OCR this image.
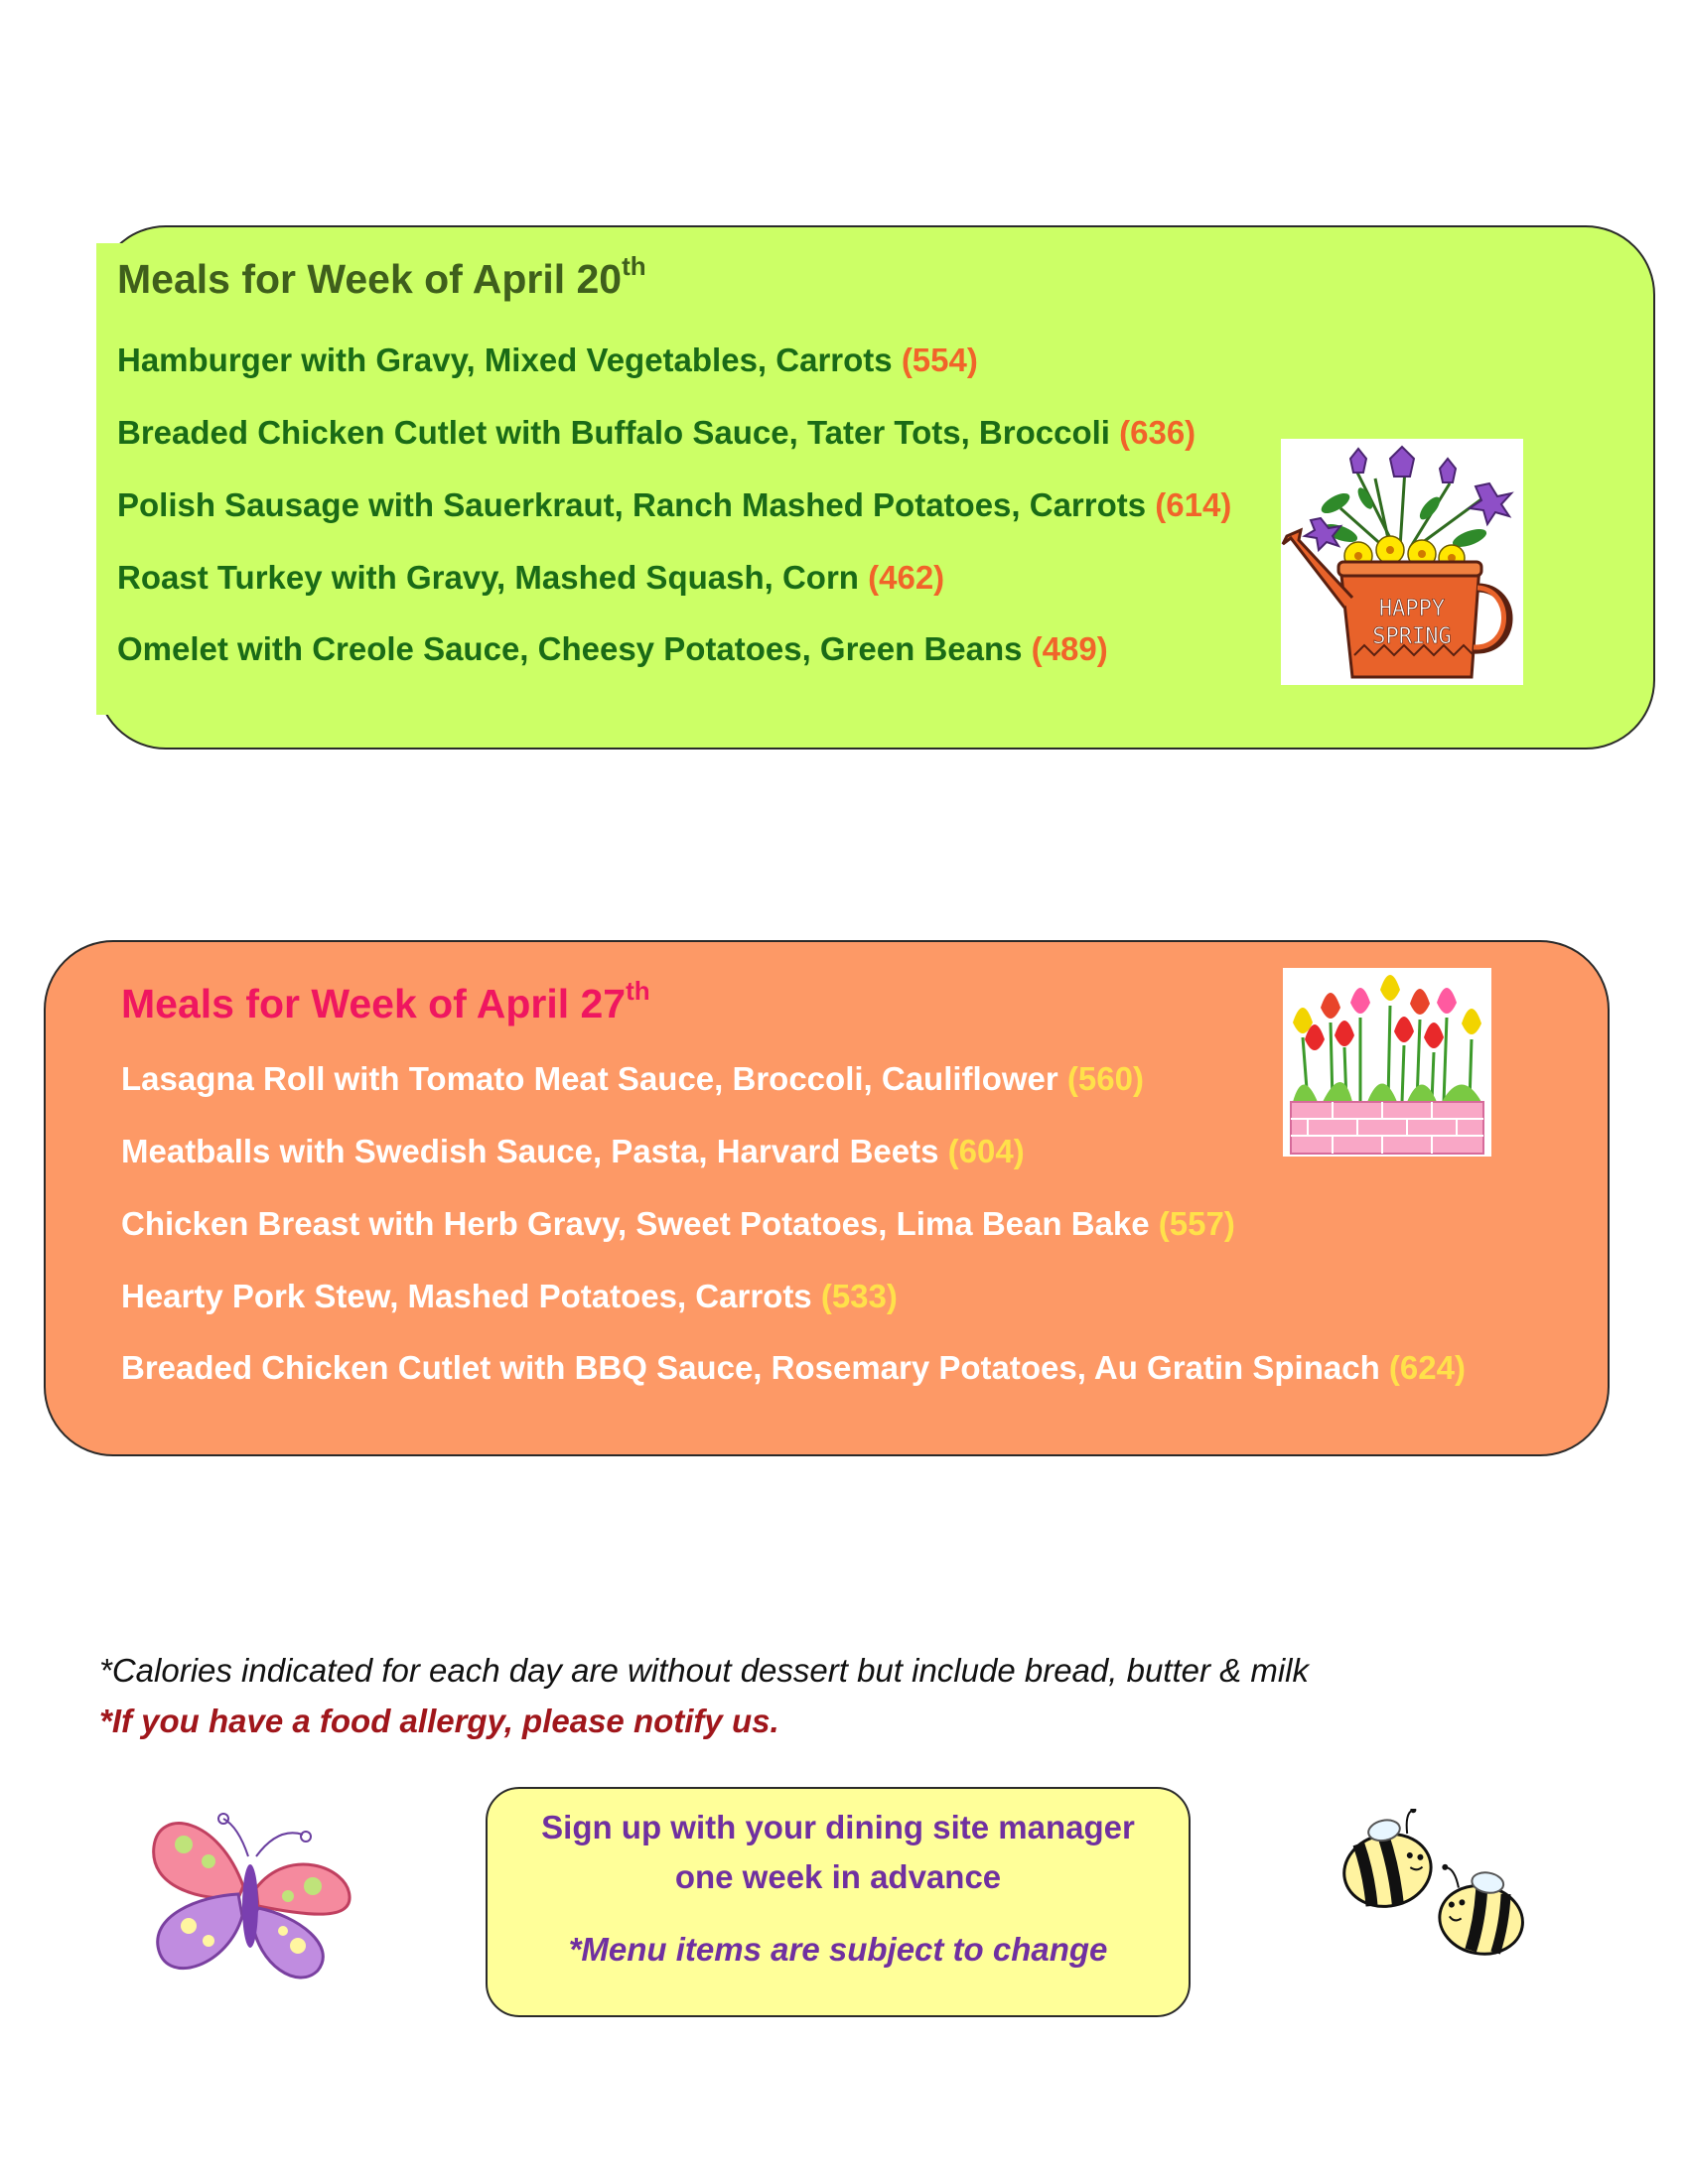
Meals for Week of April 20th
Hamburger with Gravy, Mixed Vegetables, Carrots (554)
Breaded Chicken Cutlet with Buffalo Sauce, Tater Tots, Broccoli (636)
Polish Sausage with Sauerkraut, Ranch Mashed Potatoes, Carrots (614)
Roast Turkey with Gravy, Mashed Squash, Corn (462)
Omelet with Creole Sauce, Cheesy Potatoes, Green Beans (489)
HAPPY
SPRING
Meals for Week of April 27th
Lasagna Roll with Tomato Meat Sauce, Broccoli, Cauliflower (560)
Meatballs with Swedish Sauce, Pasta, Harvard Beets (604)
Chicken Breast with Herb Gravy, Sweet Potatoes, Lima Bean Bake (557)
Hearty Pork Stew, Mashed Potatoes, Carrots (533)
Breaded Chicken Cutlet with BBQ Sauce, Rosemary Potatoes, Au Gratin Spinach (624)
*Calories indicated for each day are without dessert but include bread, butter & milk
*If you have a food allergy, please notify us.
Sign up with your dining site manager
one week in advance
*Menu items are subject to change
